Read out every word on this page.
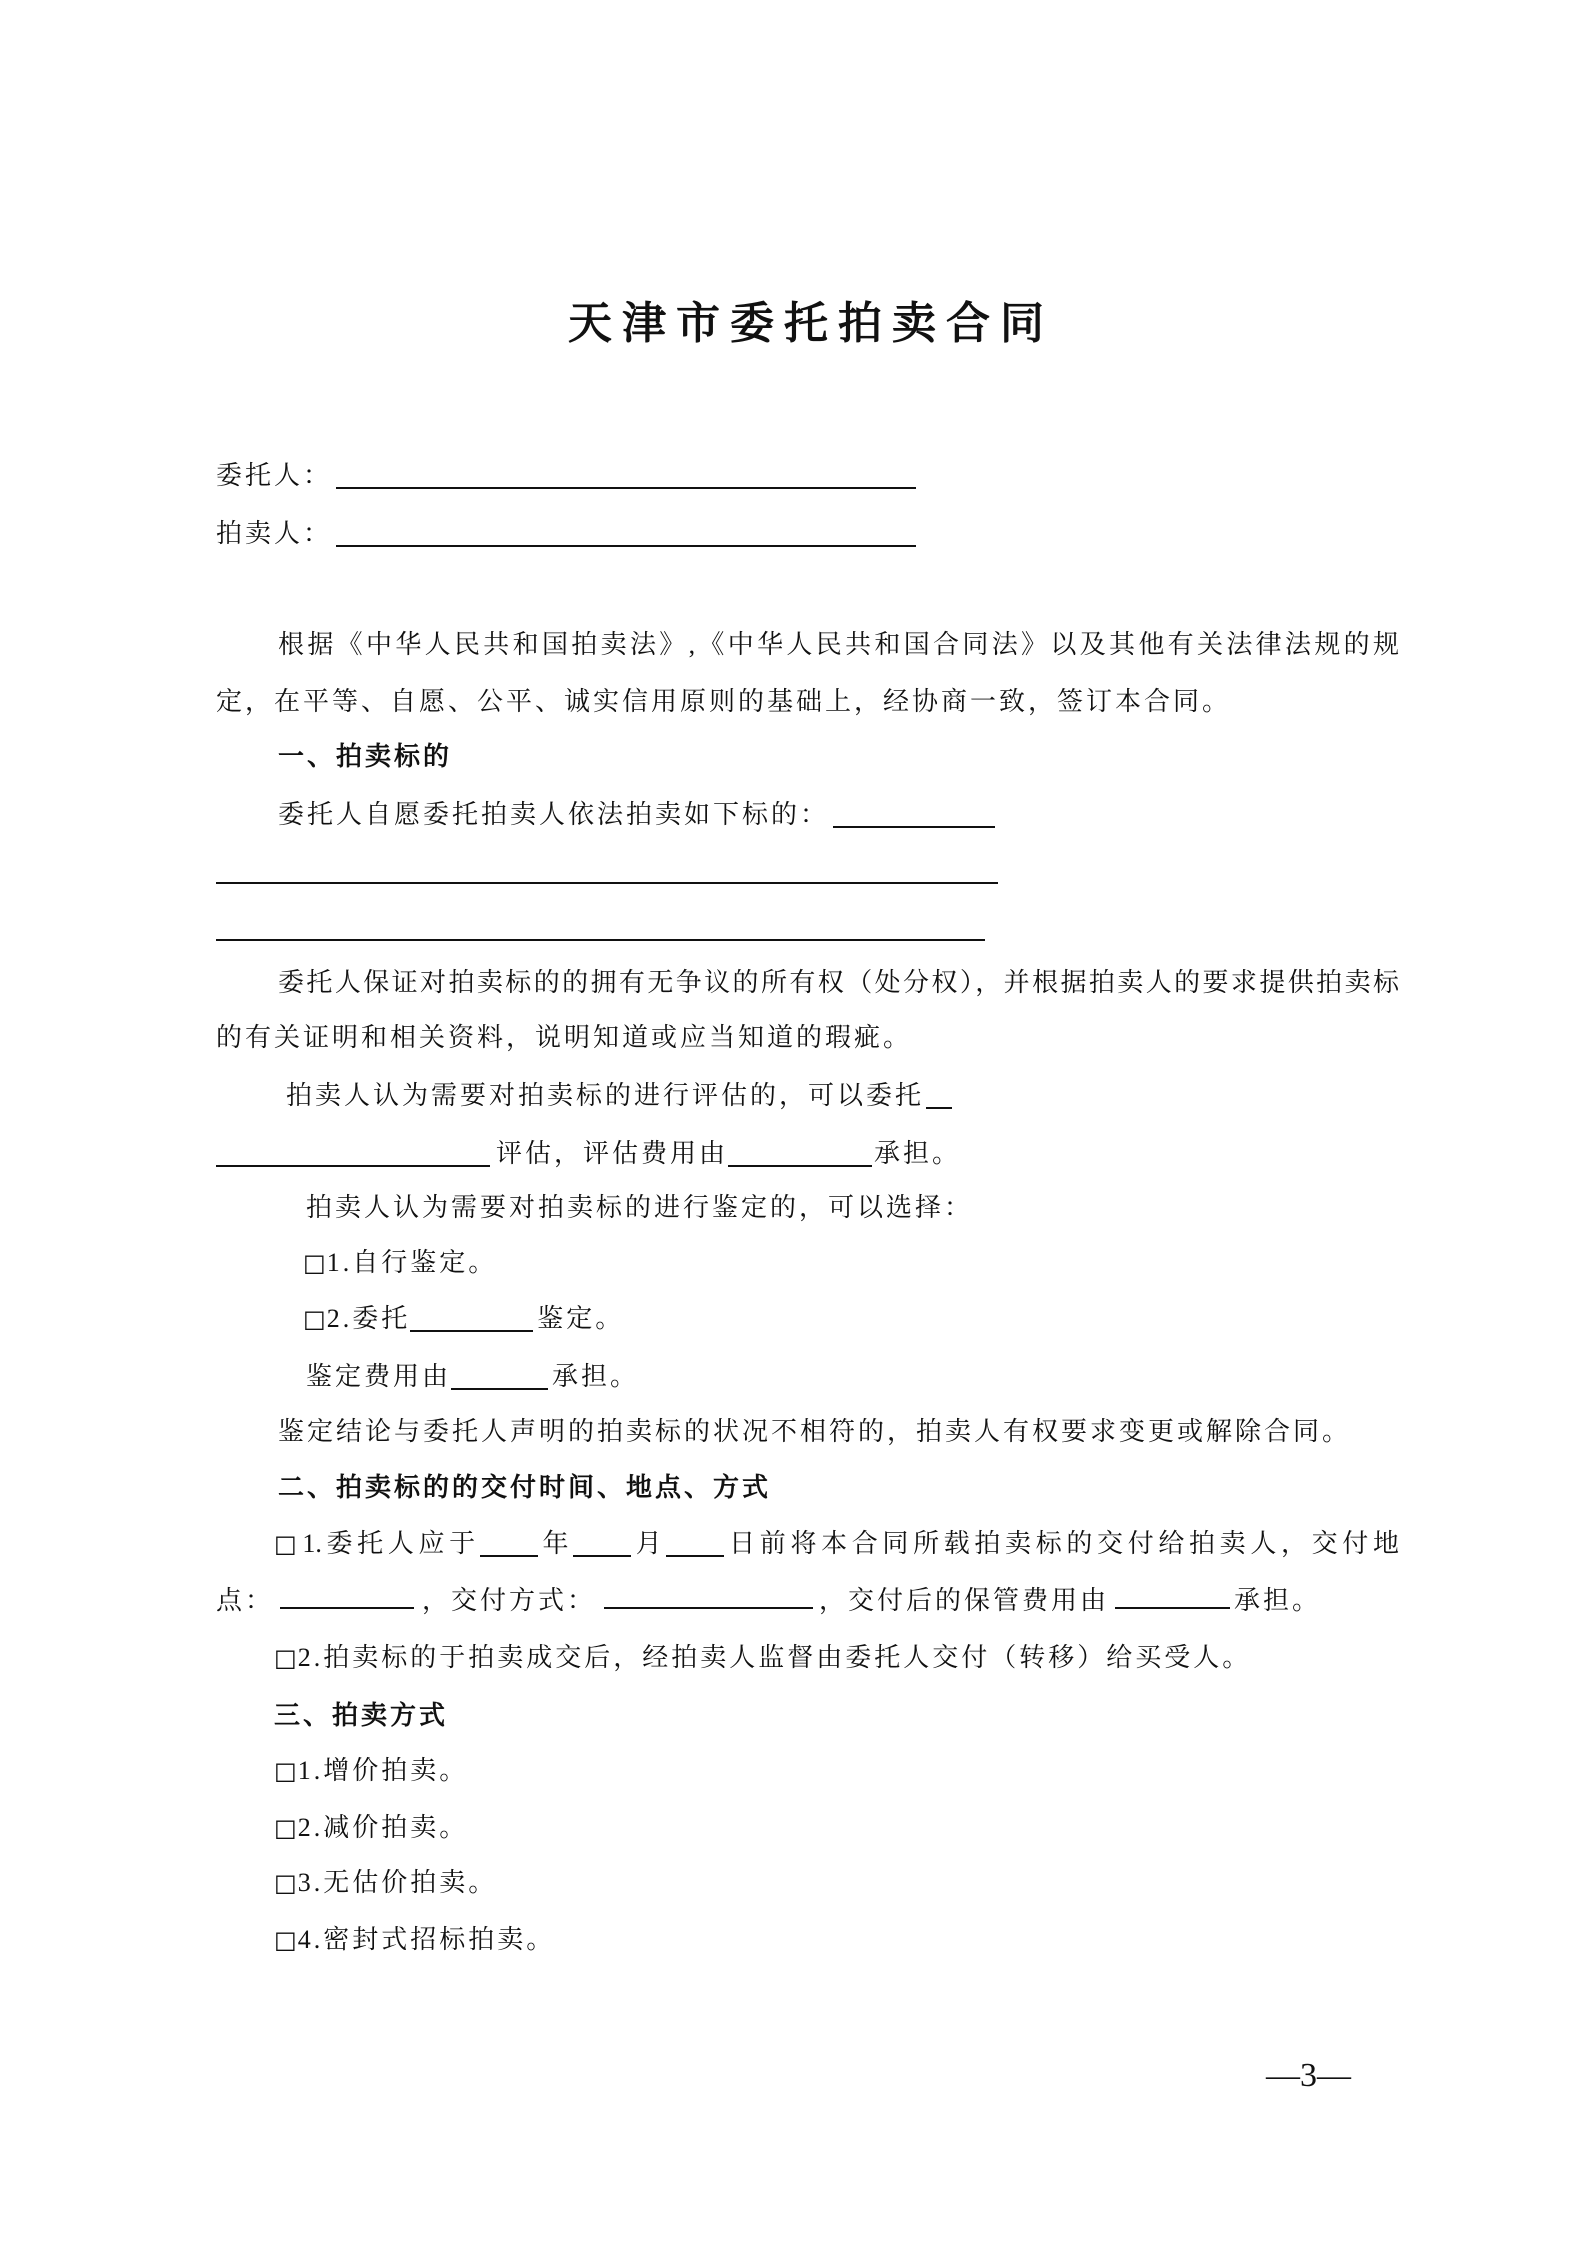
天津市委托拍卖合同
委托人：
拍卖人：
根据《中华人民共和国拍卖法》,《中华人民共和国合同法》以及其他有关法律法规的规
定，在平等、自愿、公平、诚实信用原则的基础上，经协商一致，签订本合同。
一、拍卖标的
委托人自愿委托拍卖人依法拍卖如下标的：
委托人保证对拍卖标的的拥有无争议的所有权（处分权），并根据拍卖人的要求提供拍卖标
的有关证明和相关资料，说明知道或应当知道的瑕疵。
拍卖人认为需要对拍卖标的进行评估的，可以委托
评估，评估费用由	承担。
拍卖人认为需要对拍卖标的进行鉴定的，可以选择：
□1.自行鉴定。
□2.委托	鉴定。
鉴定费用由	承担。
鉴定结论与委托人声明的拍卖标的状况不相符的，拍卖人有权要求变更或解除合同。
二、拍卖标的的交付时间、地点、方式
□1.委托人应于 年 月 日前将本合同所载拍卖标的交付给拍卖人，交付地
点：	，交付方式：	，交付后的保管费用由	承担。
□2.拍卖标的于拍卖成交后，经拍卖人监督由委托人交付（转移）给买受人。
三、拍卖方式
□1.增价拍卖。
□2.减价拍卖。
□3.无估价拍卖。
□4.密封式招标拍卖。
—3—
